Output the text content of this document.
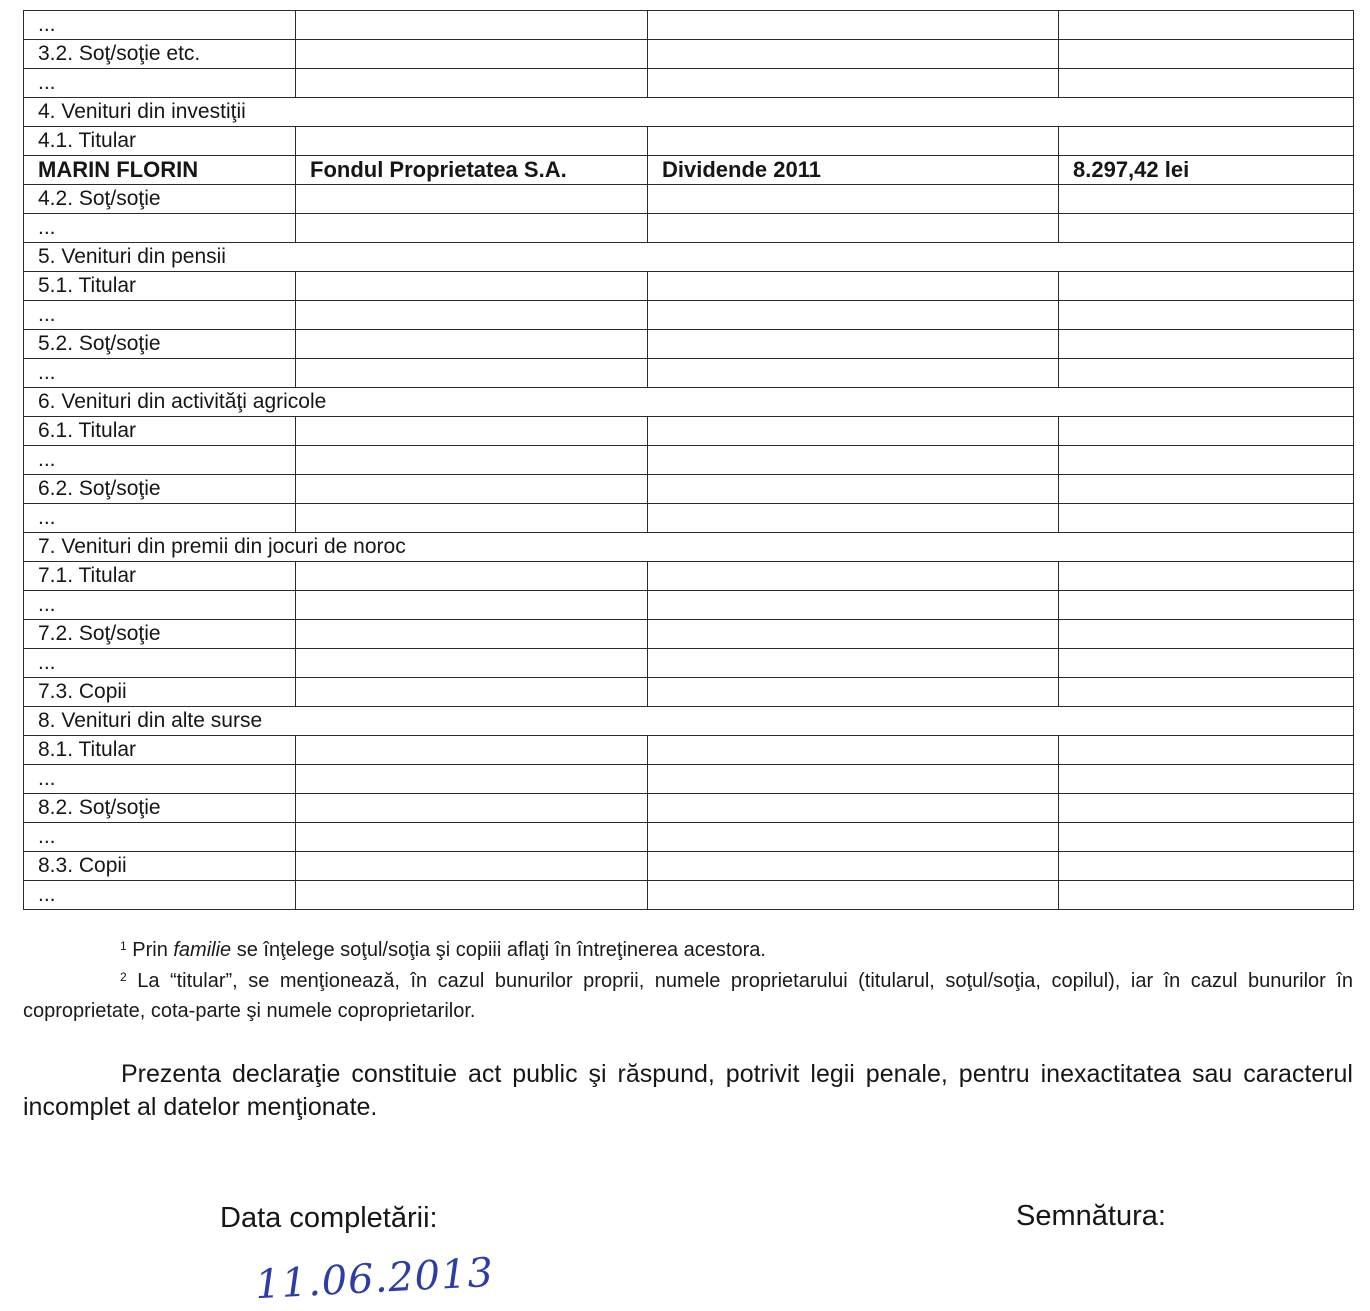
...			
3.2. Soţ/soţie etc.			
...			
4. Venituri din investiţii			
4.1. Titular			
MARIN FLORIN	Fondul Proprietatea S.A.	Dividende 2011	8.297,42 lei
4.2. Soţ/soţie			
...			
5. Venituri din pensii			
5.1. Titular			
...			
5.2. Soţ/soţie			
...			
6. Venituri din activităţi agricole			
6.1. Titular			
...			
6.2. Soţ/soţie			
...			
7. Venituri din premii din jocuri de noroc			
7.1. Titular			
...			
7.2. Soţ/soţie			
...			
7.3. Copii			
8. Venituri din alte surse			
8.1. Titular			
...			
8.2. Soţ/soţie			
...			
8.3. Copii			
...			
$^1$ Prin familie se înţelege soţul/soţia şi copiii aflaţi în întreţinerea acestora.
$^2$ La “titular”, se menţionează, în cazul bunurilor proprii, numele proprietarului (titularul, soţul/soţia, copilul), iar în cazul bunurilor în coproprietate, cota-parte şi numele coproprietarilor.
Prezenta declaraţie constituie act public şi răspund, potrivit legii penale, pentru inexactitatea sau caracterul incomplet al datelor menţionate.
Data completării:	Semnătura:
11.06.2013
